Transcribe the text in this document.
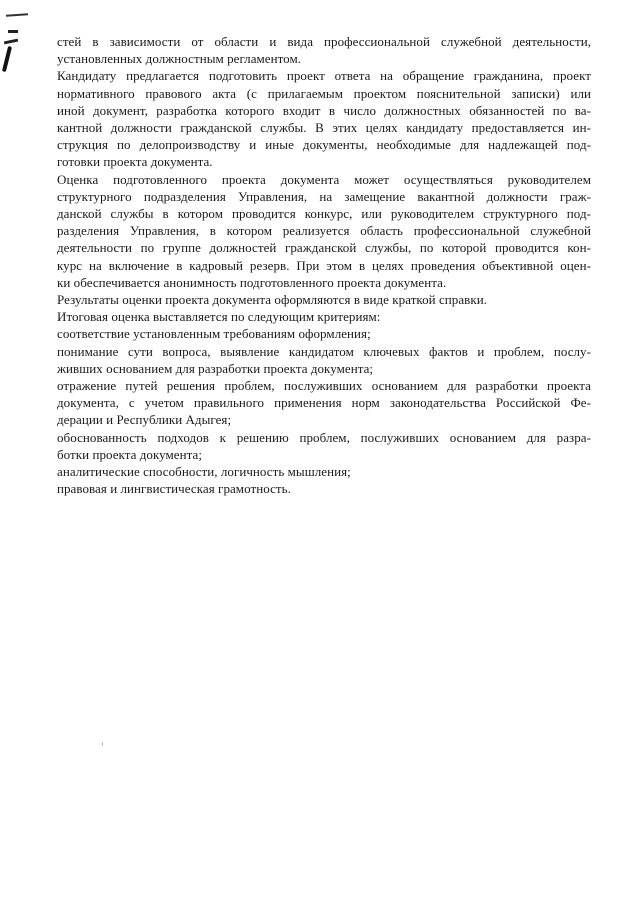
стей в зависимости от области и вида профессиональной служебной деятельности,
установленных должностным регламентом.
Кандидату предлагается подготовить проект ответа на обращение гражданина, проект
нормативного правового акта (с прилагаемым проектом пояснительной записки) или
иной документ, разработка которого входит в число должностных обязанностей по ва-
кантной должности гражданской службы. В этих целях кандидату предоставляется ин-
струкция по делопроизводству и иные документы, необходимые для надлежащей под-
готовки проекта документа.
Оценка подготовленного проекта документа может осуществляться руководителем
структурного подразделения Управления, на замещение вакантной должности граж-
данской службы в котором проводится конкурс, или руководителем структурного под-
разделения Управления, в котором реализуется область профессиональной служебной
деятельности по группе должностей гражданской службы, по которой проводится кон-
курс на включение в кадровый резерв. При этом в целях проведения объективной оцен-
ки обеспечивается анонимность подготовленного проекта документа.
Результаты оценки проекта документа оформляются в виде краткой справки.
Итоговая оценка выставляется по следующим критериям:
соответствие установленным требованиям оформления;
понимание сути вопроса, выявление кандидатом ключевых фактов и проблем, послу-
живших основанием для разработки проекта документа;
отражение путей решения проблем, послуживших основанием для разработки проекта
документа, с учетом правильного применения норм законодательства Российской Фе-
дерации и Республики Адыгея;
обоснованность подходов к решению проблем, послуживших основанием для разра-
ботки проекта документа;
аналитические способности, логичность мышления;
правовая и лингвистическая грамотность.
